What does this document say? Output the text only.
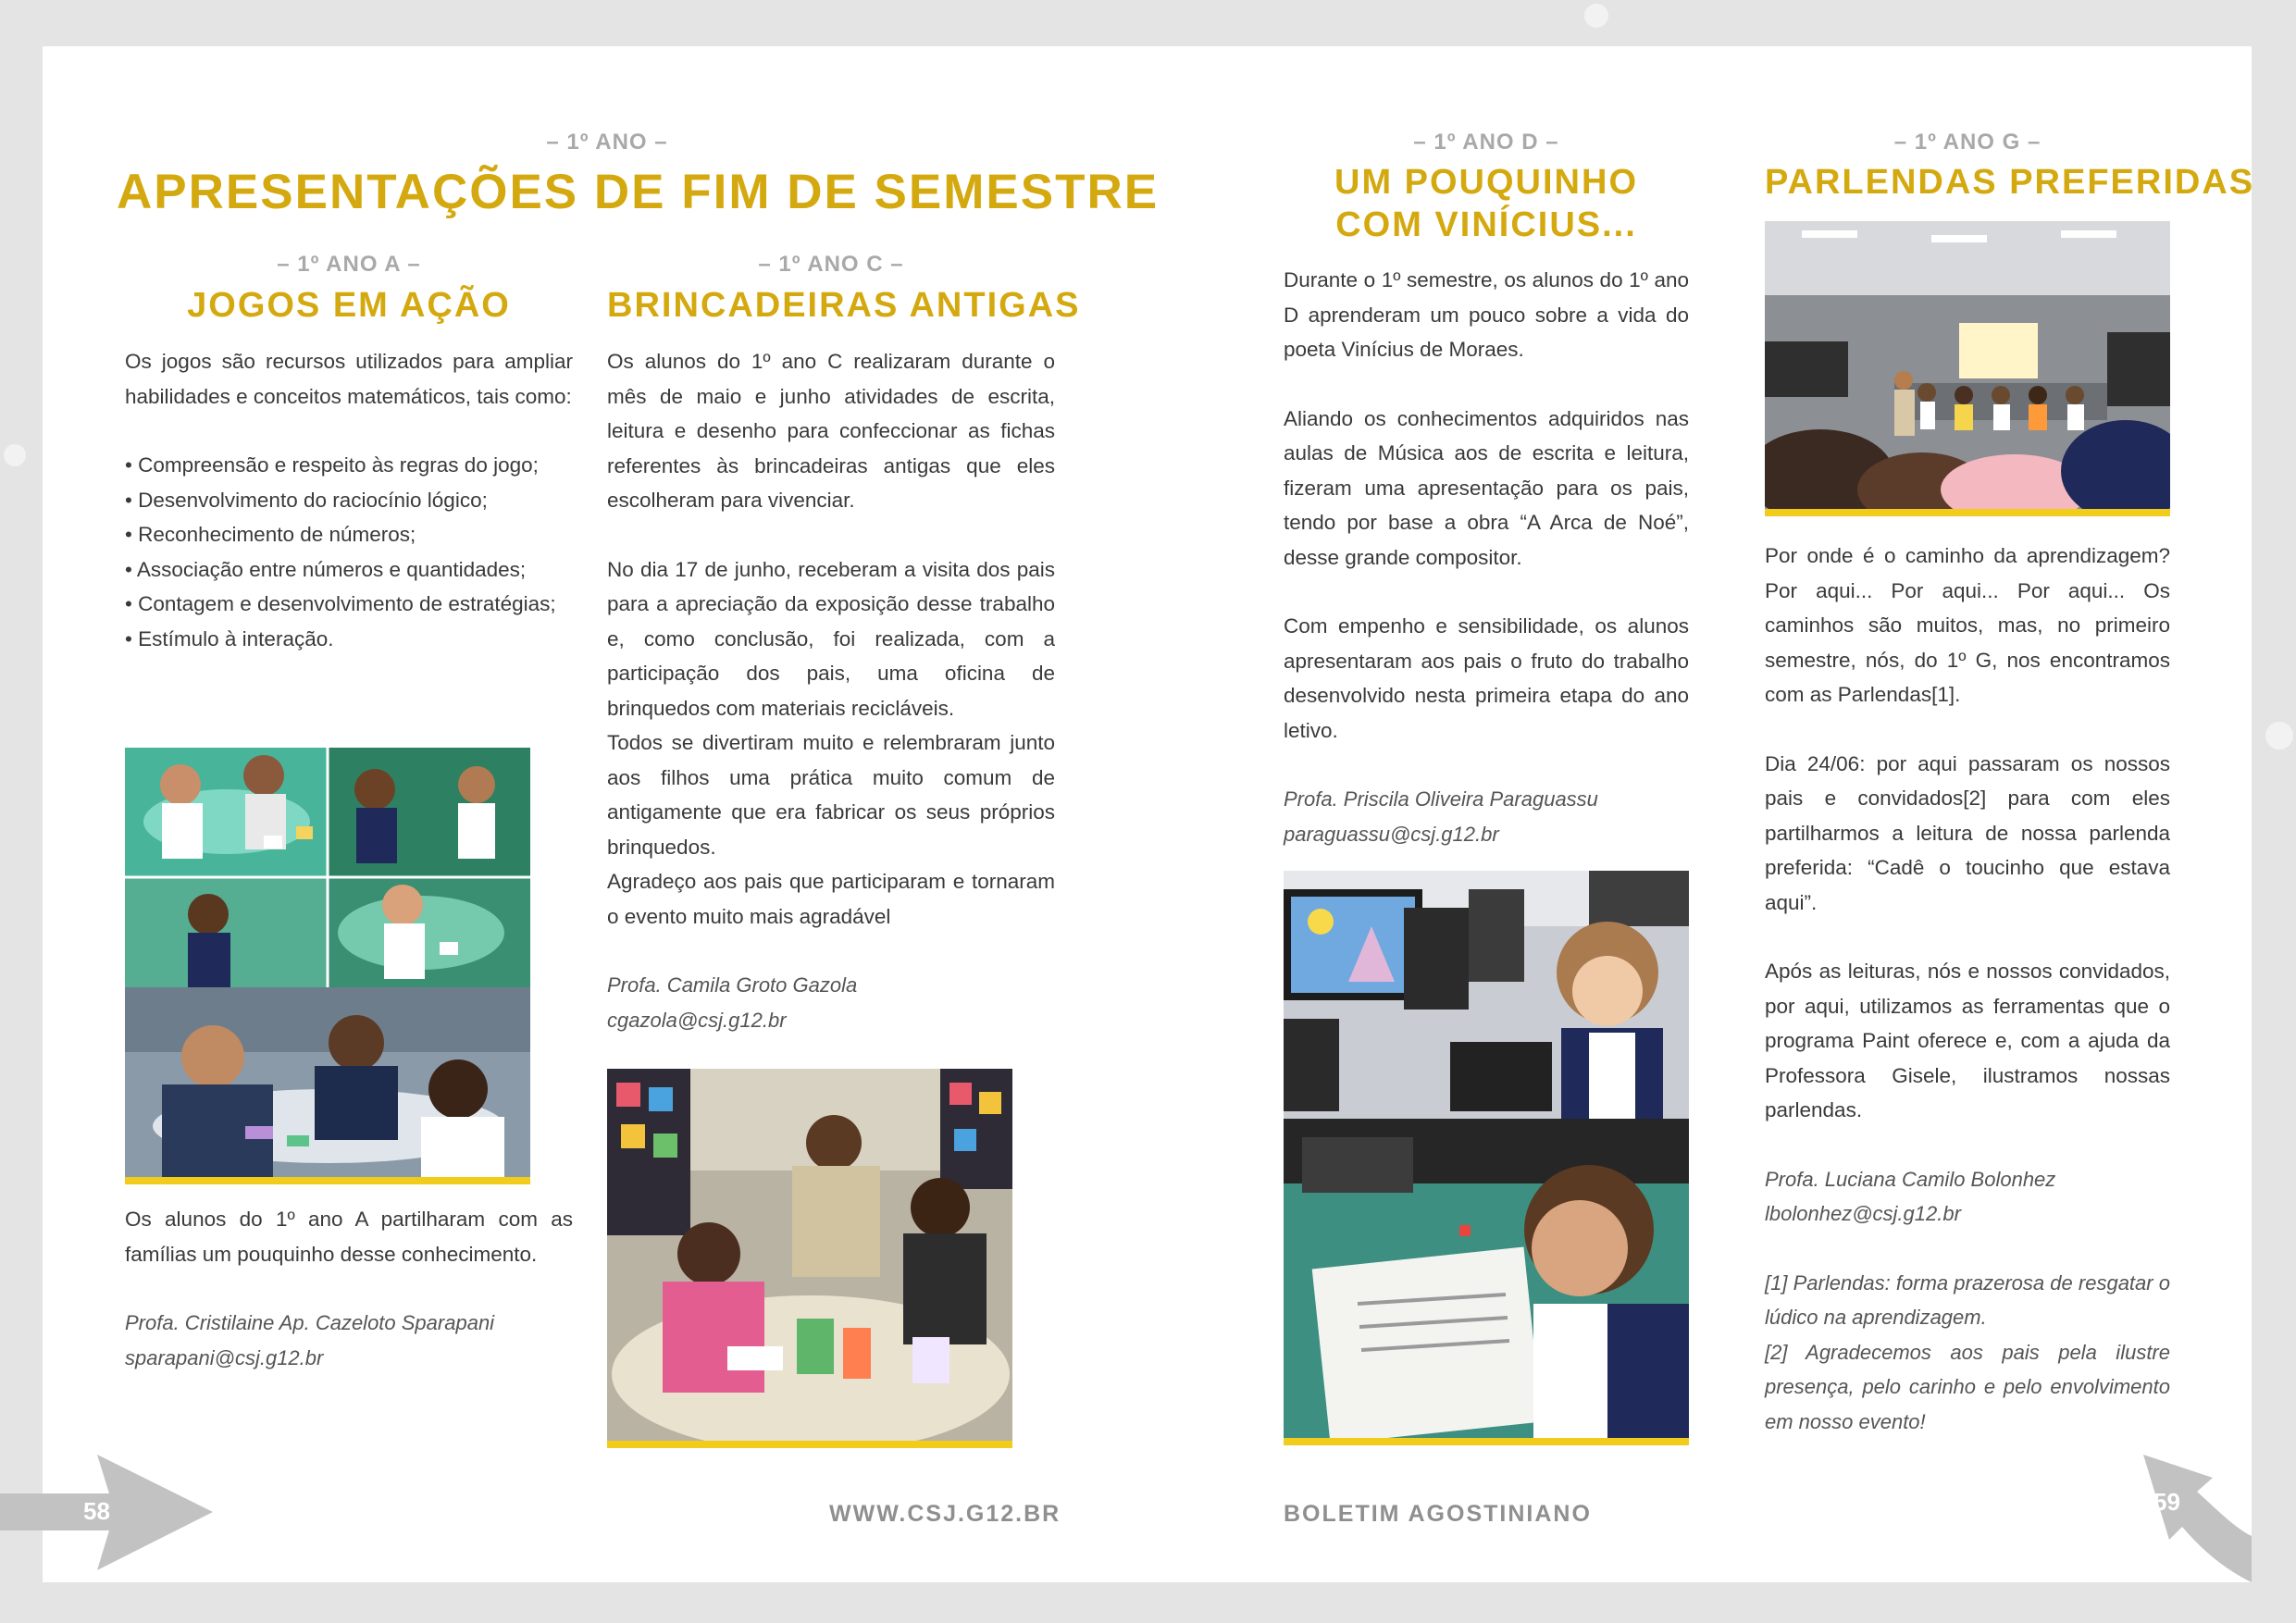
– 1º ANO –
APRESENTAÇÕES DE FIM DE SEMESTRE
– 1º ANO A –
JOGOS EM AÇÃO

Os jogos são recursos utilizados para ampliar habilidades e conceitos matemáticos, tais como:

• Compreensão e respeito às regras do jogo;
• Desenvolvimento do raciocínio lógico;
• Reconhecimento de números;
• Associação entre números e quantidades;
• Contagem e desenvolvimento de estratégias;
• Estímulo à interação.

Os alunos do 1º ano A partilharam com as famílias um pouquinho desse conhecimento.

Profa. Cristilaine Ap. Cazeloto Sparapani
sparapani@csj.g12.br

– 1º ANO C –
BRINCADEIRAS ANTIGAS

Os alunos do 1º ano C realizaram durante o mês de maio e junho atividades de escrita, leitura e desenho para confeccionar as fichas referentes às brincadeiras antigas que eles escolheram para vivenciar.

No dia 17 de junho, receberam a visita dos pais para a apreciação da exposição desse trabalho e, como conclusão, foi realizada, com a participação dos pais, uma oficina de brinquedos com materiais recicláveis.

Todos se divertiram muito e relembraram junto aos filhos uma prática muito comum de antigamente que era fabricar os seus próprios brinquedos.

Agradeço aos pais que participaram e tornaram o evento muito mais agradável

Profa. Camila Groto Gazola
cgazola@csj.g12.br

58	WWW.CSJ.G12.BR
– 1º ANO D –
UM POUQUINHO
COM VINÍCIUS...

Durante o 1º semestre, os alunos do 1º ano D aprenderam um pouco sobre a vida do poeta Vinícius de Moraes.

Aliando os conhecimentos adquiridos nas aulas de Música aos de escrita e leitura, fizeram uma apresentação para os pais, tendo por base a obra “A Arca de Noé”, desse grande compositor.

Com empenho e sensibilidade, os alunos apresentaram aos pais o fruto do trabalho desenvolvido nesta primeira etapa do ano letivo.

Profa. Priscila Oliveira Paraguassu
paraguassu@csj.g12.br

– 1º ANO G –
PARLENDAS PREFERIDAS

Por onde é o caminho da aprendizagem? Por aqui... Por aqui... Por aqui... Os caminhos são muitos, mas, no primeiro semestre, nós, do 1º G, nos encontramos com as Parlendas[1].

Dia 24/06: por aqui passaram os nossos pais e convidados[2] para com eles partilharmos a leitura de nossa parlenda preferida: “Cadê o toucinho que estava aqui”.

Após as leituras, nós e nossos convidados, por aqui, utilizamos as ferramentas que o programa Paint oferece e, com a ajuda da Professora Gisele, ilustramos nossas parlendas.

Profa. Luciana Camilo Bolonhez
lbolonhez@csj.g12.br

[1] Parlendas: forma prazerosa de resgatar o lúdico na aprendizagem.
[2] Agradecemos aos pais pela ilustre presença, pelo carinho e pelo envolvimento em nosso evento!

BOLETIM AGOSTINIANO	59
